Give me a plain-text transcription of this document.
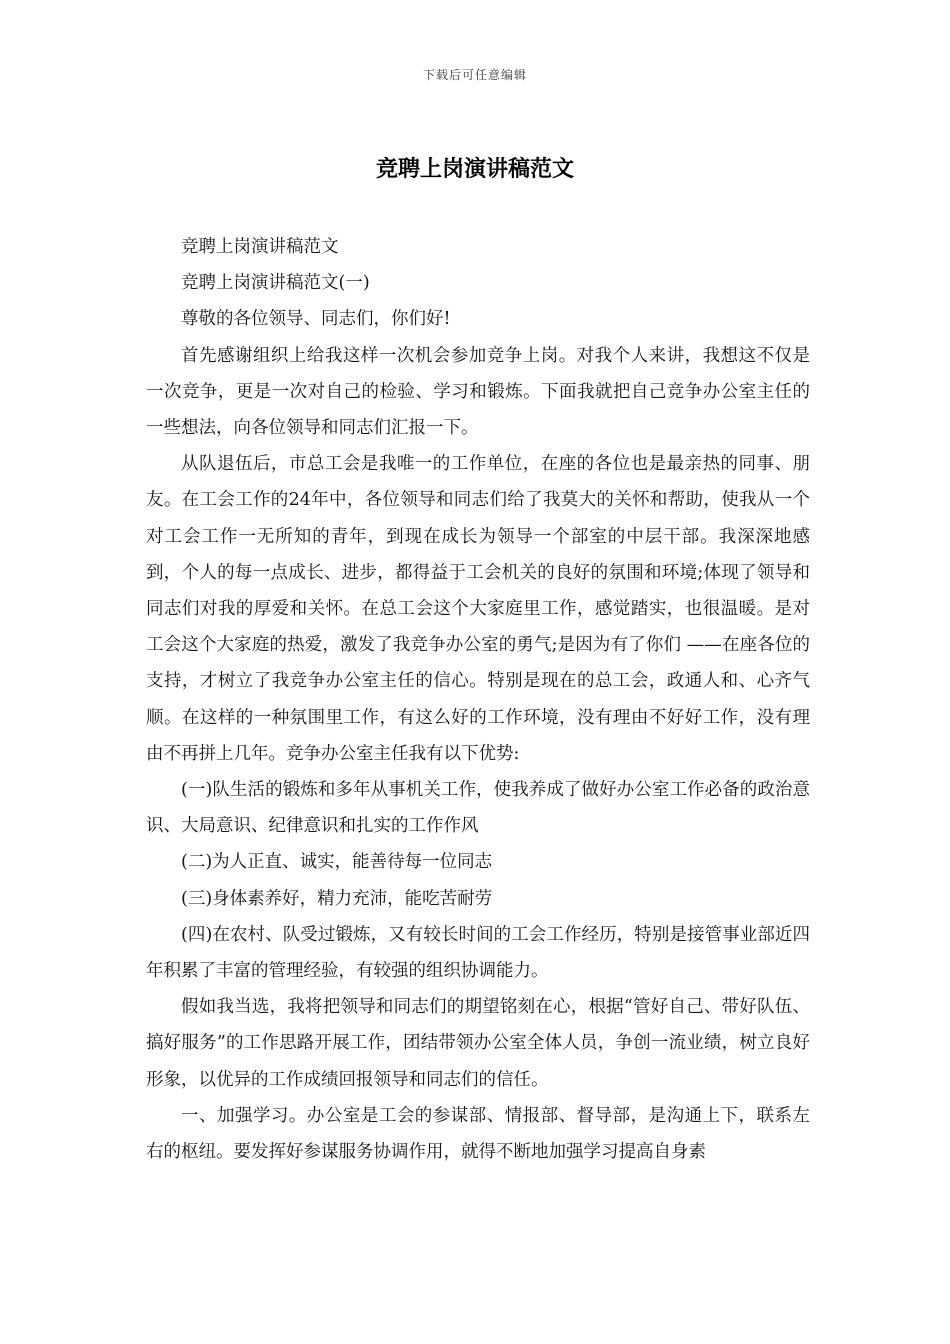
下载后可任意编辑
竞聘上岗演讲稿范文

竞聘上岗演讲稿范文

竞聘上岗演讲稿范文(一)

尊敬的各位领导、同志们，你们好!

首先感谢组织上给我这样一次机会参加竞争上岗。对我个人来讲，我想这不仅是一次竞争，更是一次对自己的检验、学习和锻炼。下面我就把自己竞争办公室主任的一些想法，向各位领导和同志们汇报一下。

从队退伍后，市总工会是我唯一的工作单位，在座的各位也是最亲热的同事、朋友。在工会工作的24年中，各位领导和同志们给了我莫大的关怀和帮助，使我从一个对工会工作一无所知的青年，到现在成长为领导一个部室的中层干部。我深深地感到，个人的每一点成长、进步，都得益于工会机关的良好的氛围和环境;体现了领导和同志们对我的厚爱和关怀。在总工会这个大家庭里工作，感觉踏实，也很温暖。是对工会这个大家庭的热爱，激发了我竞争办公室的勇气;是因为有了你们 ——在座各位的支持，才树立了我竞争办公室主任的信心。特别是现在的总工会，政通人和、心齐气顺。在这样的一种氛围里工作，有这么好的工作环境，没有理由不好好工作，没有理由不再拼上几年。竞争办公室主任我有以下优势:

(一)队生活的锻炼和多年从事机关工作，使我养成了做好办公室工作必备的政治意识、大局意识、纪律意识和扎实的工作作风

(二)为人正直、诚实，能善待每一位同志

(三)身体素养好，精力充沛，能吃苦耐劳

(四)在农村、队受过锻炼，又有较长时间的工会工作经历，特别是接管事业部近四年积累了丰富的管理经验，有较强的组织协调能力。

假如我当选，我将把领导和同志们的期望铭刻在心，根据“管好自己、带好队伍、搞好服务”的工作思路开展工作，团结带领办公室全体人员，争创一流业绩，树立良好形象，以优异的工作成绩回报领导和同志们的信任。

一、加强学习。办公室是工会的参谋部、情报部、督导部，是沟通上下，联系左右的枢纽。要发挥好参谋服务协调作用，就得不断地加强学习提高自身素
